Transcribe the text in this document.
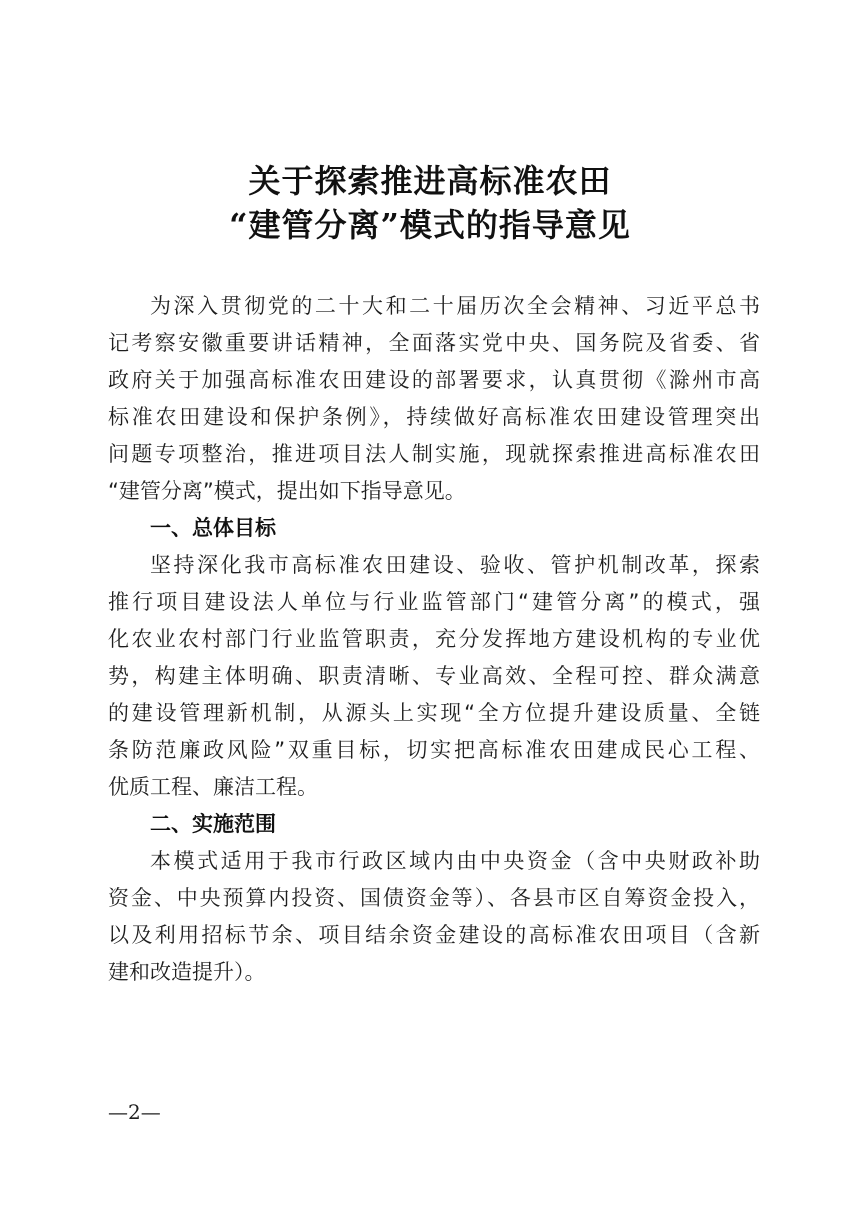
关于探索推进高标准农田
“建管分离”模式的指导意见
为深入贯彻党的二十大和二十届历次全会精神、习近平总书
记考察安徽重要讲话精神，全面落实党中央、国务院及省委、省
政府关于加强高标准农田建设的部署要求，认真贯彻《滁州市高
标准农田建设和保护条例》，持续做好高标准农田建设管理突出
问题专项整治，推进项目法人制实施，现就探索推进高标准农田
“建管分离”模式，提出如下指导意见。
一、总体目标
坚持深化我市高标准农田建设、验收、管护机制改革，探索
推行项目建设法人单位与行业监管部门“建管分离”的模式，强
化农业农村部门行业监管职责，充分发挥地方建设机构的专业优
势，构建主体明确、职责清晰、专业高效、全程可控、群众满意
的建设管理新机制，从源头上实现“全方位提升建设质量、全链
条防范廉政风险”双重目标，切实把高标准农田建成民心工程、
优质工程、廉洁工程。
二、实施范围
本模式适用于我市行政区域内由中央资金（含中央财政补助
资金、中央预算内投资、国债资金等）、各县市区自筹资金投入，
以及利用招标节余、项目结余资金建设的高标准农田项目（含新
建和改造提升）。
—2—
